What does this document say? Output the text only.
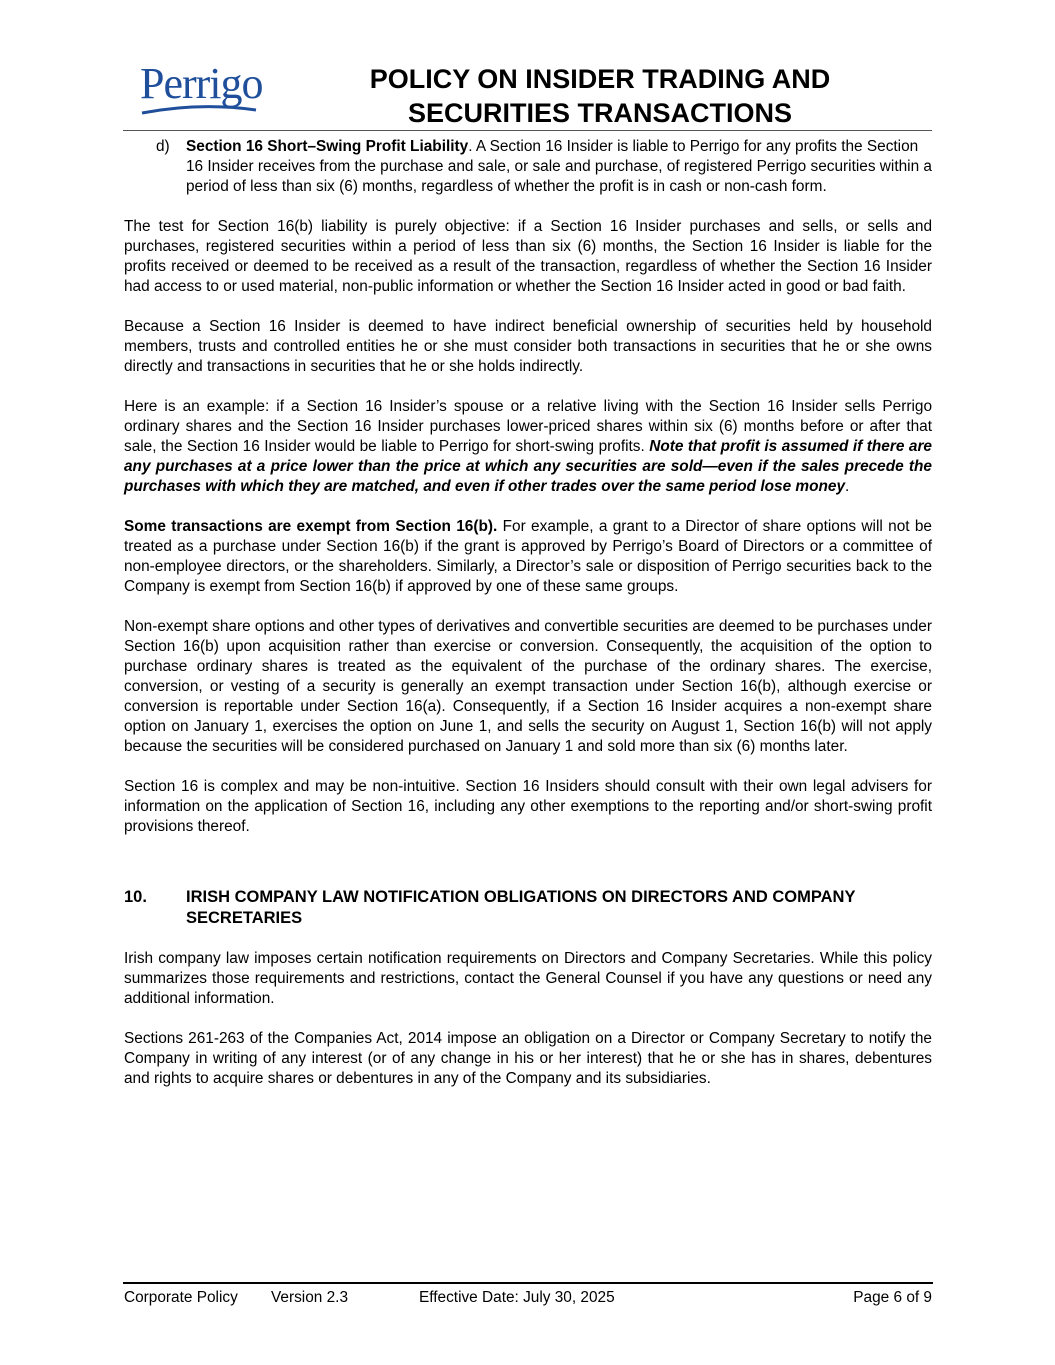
Perrigo	POLICY ON INSIDER TRADING AND
SECURITIES TRANSACTIONS
d)	Section 16 Short–Swing Profit Liability. A Section 16 Insider is liable to Perrigo for any profits the Section 16 Insider receives from the purchase and sale, or sale and purchase, of registered Perrigo securities within a period of less than six (6) months, regardless of whether the profit is in cash or non-cash form.

The test for Section 16(b) liability is purely objective: if a Section 16 Insider purchases and sells, or sells and purchases, registered securities within a period of less than six (6) months, the Section 16 Insider is liable for the profits received or deemed to be received as a result of the transaction, regardless of whether the Section 16 Insider had access to or used material, non-public information or whether the Section 16 Insider acted in good or bad faith.

Because a Section 16 Insider is deemed to have indirect beneficial ownership of securities held by household members, trusts and controlled entities he or she must consider both transactions in securities that he or she owns directly and transactions in securities that he or she holds indirectly.

Here is an example: if a Section 16 Insider’s spouse or a relative living with the Section 16 Insider sells Perrigo ordinary shares and the Section 16 Insider purchases lower-priced shares within six (6) months before or after that sale, the Section 16 Insider would be liable to Perrigo for short-swing profits. Note that profit is assumed if there are any purchases at a price lower than the price at which any securities are sold—even if the sales precede the purchases with which they are matched, and even if other trades over the same period lose money.

Some transactions are exempt from Section 16(b). For example, a grant to a Director of share options will not be treated as a purchase under Section 16(b) if the grant is approved by Perrigo’s Board of Directors or a committee of non-employee directors, or the shareholders. Similarly, a Director’s sale or disposition of Perrigo securities back to the Company is exempt from Section 16(b) if approved by one of these same groups.

Non-exempt share options and other types of derivatives and convertible securities are deemed to be purchases under Section 16(b) upon acquisition rather than exercise or conversion. Consequently, the acquisition of the option to purchase ordinary shares is treated as the equivalent of the purchase of the ordinary shares. The exercise, conversion, or vesting of a security is generally an exempt transaction under Section 16(b), although exercise or conversion is reportable under Section 16(a). Consequently, if a Section 16 Insider acquires a non-exempt share option on January 1, exercises the option on June 1, and sells the security on August 1, Section 16(b) will not apply because the securities will be considered purchased on January 1 and sold more than six (6) months later.

Section 16 is complex and may be non-intuitive. Section 16 Insiders should consult with their own legal advisers for information on the application of Section 16, including any other exemptions to the reporting and/or short-swing profit provisions thereof.

10.	IRISH COMPANY LAW NOTIFICATION OBLIGATIONS ON DIRECTORS AND COMPANY SECRETARIES

Irish company law imposes certain notification requirements on Directors and Company Secretaries. While this policy summarizes those requirements and restrictions, contact the General Counsel if you have any questions or need any additional information.

Sections 261-263 of the Companies Act, 2014 impose an obligation on a Director or Company Secretary to notify the Company in writing of any interest (or of any change in his or her interest) that he or she has in shares, debentures and rights to acquire shares or debentures in any of the Company and its subsidiaries.

Corporate Policy Version 2.3	Effective Date: July 30, 2025	Page 6 of 9
